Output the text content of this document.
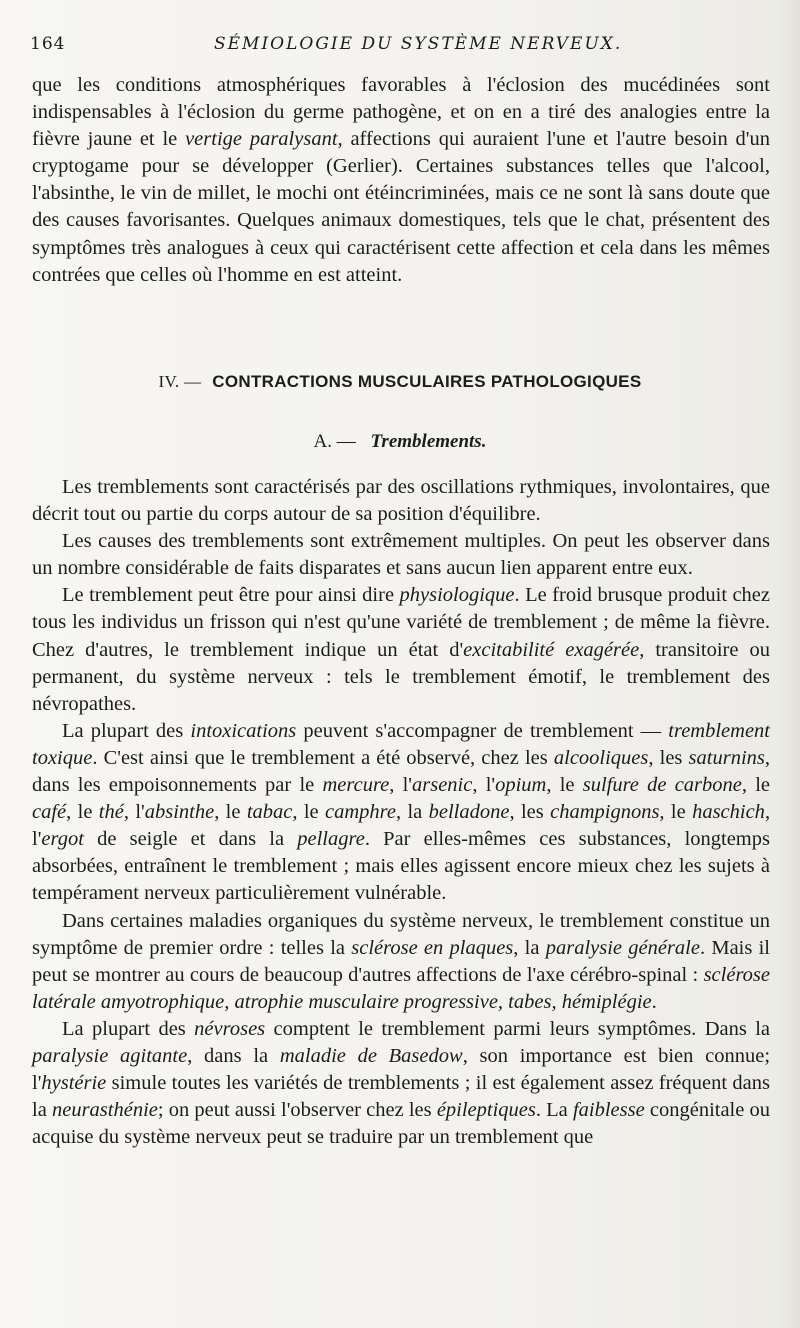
164	SÉMIOLOGIE DU SYSTÈME NERVEUX.

que les conditions atmosphériques favorables à l'éclosion des mucédinées sont indispensables à l'éclosion du germe pathogène, et on en a tiré des analogies entre la fièvre jaune et le vertige paralysant, affections qui auraient l'une et l'autre besoin d'un cryptogame pour se développer (Gerlier). Certaines substances telles que l'alcool, l'absinthe, le vin de millet, le mochi ont étéincriminées, mais ce ne sont là sans doute que des causes favorisantes. Quelques animaux domestiques, tels que le chat, présentent des symptômes très analogues à ceux qui caractérisent cette affection et cela dans les mêmes contrées que celles où l'homme en est atteint.

IV. — CONTRACTIONS MUSCULAIRES PATHOLOGIQUES
A. — Tremblements.

Les tremblements sont caractérisés par des oscillations rythmiques, involontaires, que décrit tout ou partie du corps autour de sa position d'équilibre.

Les causes des tremblements sont extrêmement multiples. On peut les observer dans un nombre considérable de faits disparates et sans aucun lien apparent entre eux.

Le tremblement peut être pour ainsi dire physiologique. Le froid brusque produit chez tous les individus un frisson qui n'est qu'une variété de tremblement ; de même la fièvre. Chez d'autres, le tremblement indique un état d'excitabilité exagérée, transitoire ou permanent, du système nerveux : tels le tremblement émotif, le tremblement des névropathes.

La plupart des intoxications peuvent s'accompagner de tremblement — tremblement toxique. C'est ainsi que le tremblement a été observé, chez les alcooliques, les saturnins, dans les empoisonnements par le mercure, l'arsenic, l'opium, le sulfure de carbone, le café, le thé, l'absinthe, le tabac, le camphre, la belladone, les champignons, le haschich, l'ergot de seigle et dans la pellagre. Par elles-mêmes ces substances, longtemps absorbées, entraînent le tremblement ; mais elles agissent encore mieux chez les sujets à tempérament nerveux particulièrement vulnérable.

Dans certaines maladies organiques du système nerveux, le tremblement constitue un symptôme de premier ordre : telles la sclérose en plaques, la paralysie générale. Mais il peut se montrer au cours de beaucoup d'autres affections de l'axe cérébro-spinal : sclérose latérale amyotrophique, atrophie musculaire progressive, tabes, hémiplégie.

La plupart des névroses comptent le tremblement parmi leurs symptômes. Dans la paralysie agitante, dans la maladie de Basedow, son importance est bien connue; l'hystérie simule toutes les variétés de tremblements ; il est également assez fréquent dans la neurasthénie; on peut aussi l'observer chez les épileptiques. La faiblesse congénitale ou acquise du système nerveux peut se traduire par un tremblement que
